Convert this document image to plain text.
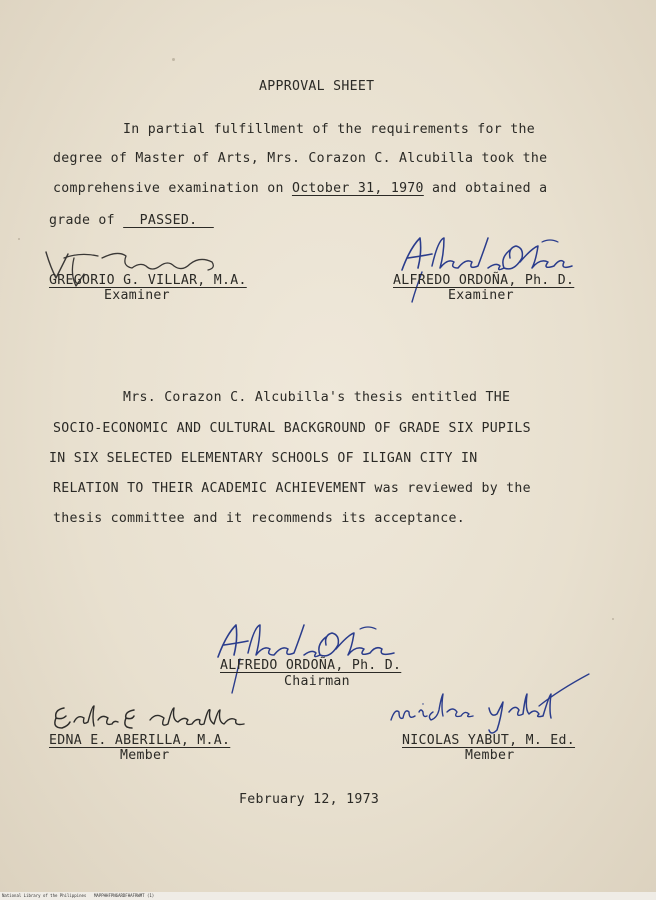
APPROVAL SHEET
In partial fulfillment of the requirements for the
degree of Master of Arts, Mrs. Corazon C. Alcubilla took the
comprehensive examination on October 31, 1970 and obtained a
grade of   PASSED.
GREGORIO G. VILLAR, M.A.
Examiner
ALFREDO ORDOÑA, Ph. D.
Examiner
Mrs. Corazon C. Alcubilla's thesis entitled THE
SOCIO-ECONOMIC AND CULTURAL BACKGROUND OF GRADE SIX PUPILS
IN SIX SELECTED ELEMENTARY SCHOOLS OF ILIGAN CITY IN
RELATION TO THEIR ACADEMIC ACHIEVEMENT was reviewed by the
thesis committee and it recommends its acceptance.
ALFREDO ORDOÑA, Ph. D.
Chairman
EDNA E. ABERILLA, M.A.
Member
NICOLAS YABUT, M. Ed.
Member
February 12, 1973
National Library of the Philippines MAPPHHFPN6ARDFHAFRWMT (1)
